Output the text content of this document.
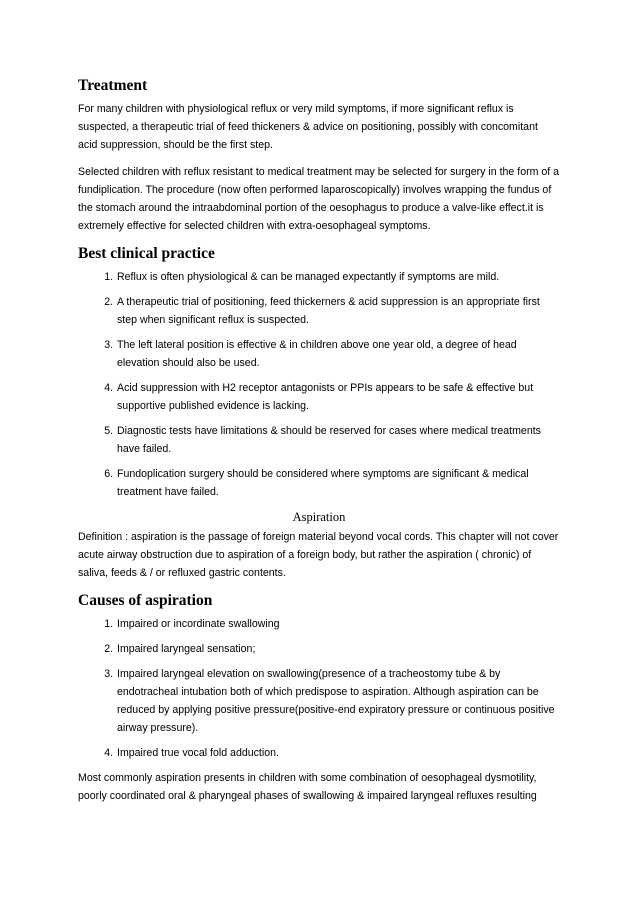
Treatment

For many children with physiological reflux or very mild symptoms, if more significant reflux is suspected, a therapeutic trial of feed thickeners & advice on positioning, possibly with concomitant acid suppression, should be the first step.

Selected children with reflux resistant to medical treatment may be selected for surgery in the form of a fundiplication. The procedure (now often performed laparoscopically) involves wrapping the fundus of the stomach around the intraabdominal portion of the oesophagus to produce a valve-like effect.it is extremely effective for selected children with extra-oesophageal symptoms.

Best clinical practice
1. Reflux is often physiological & can be managed expectantly if symptoms are mild.
2. A therapeutic trial of positioning, feed thickerners & acid suppression is an appropriate first step when significant reflux is suspected.
3. The left lateral position is effective & in children above one year old, a degree of head elevation should also be used.
4. Acid suppression with H2 receptor antagonists or PPIs appears to be safe & effective but supportive published evidence is lacking.
5. Diagnostic tests have limitations & should be reserved for cases where medical treatments have failed.
6. Fundoplication surgery should be considered where symptoms are significant & medical treatment have failed.
Aspiration

Definition : aspiration is the passage of foreign material beyond vocal cords. This chapter will not cover acute airway obstruction due to aspiration of a foreign body, but rather the aspiration ( chronic) of saliva, feeds & / or refluxed gastric contents.

Causes of aspiration
1. Impaired or incordinate swallowing
2. Impaired laryngeal sensation;
3. Impaired laryngeal elevation on swallowing(presence of a tracheostomy tube & by endotracheal intubation both of which predispose to aspiration. Although aspiration can be reduced by applying positive pressure(positive-end expiratory pressure or continuous positive airway pressure).
4. Impaired true vocal fold adduction.

Most commonly aspiration presents in children with some combination of oesophageal dysmotility, poorly coordinated oral & pharyngeal phases of swallowing & impaired laryngeal refluxes resulting
